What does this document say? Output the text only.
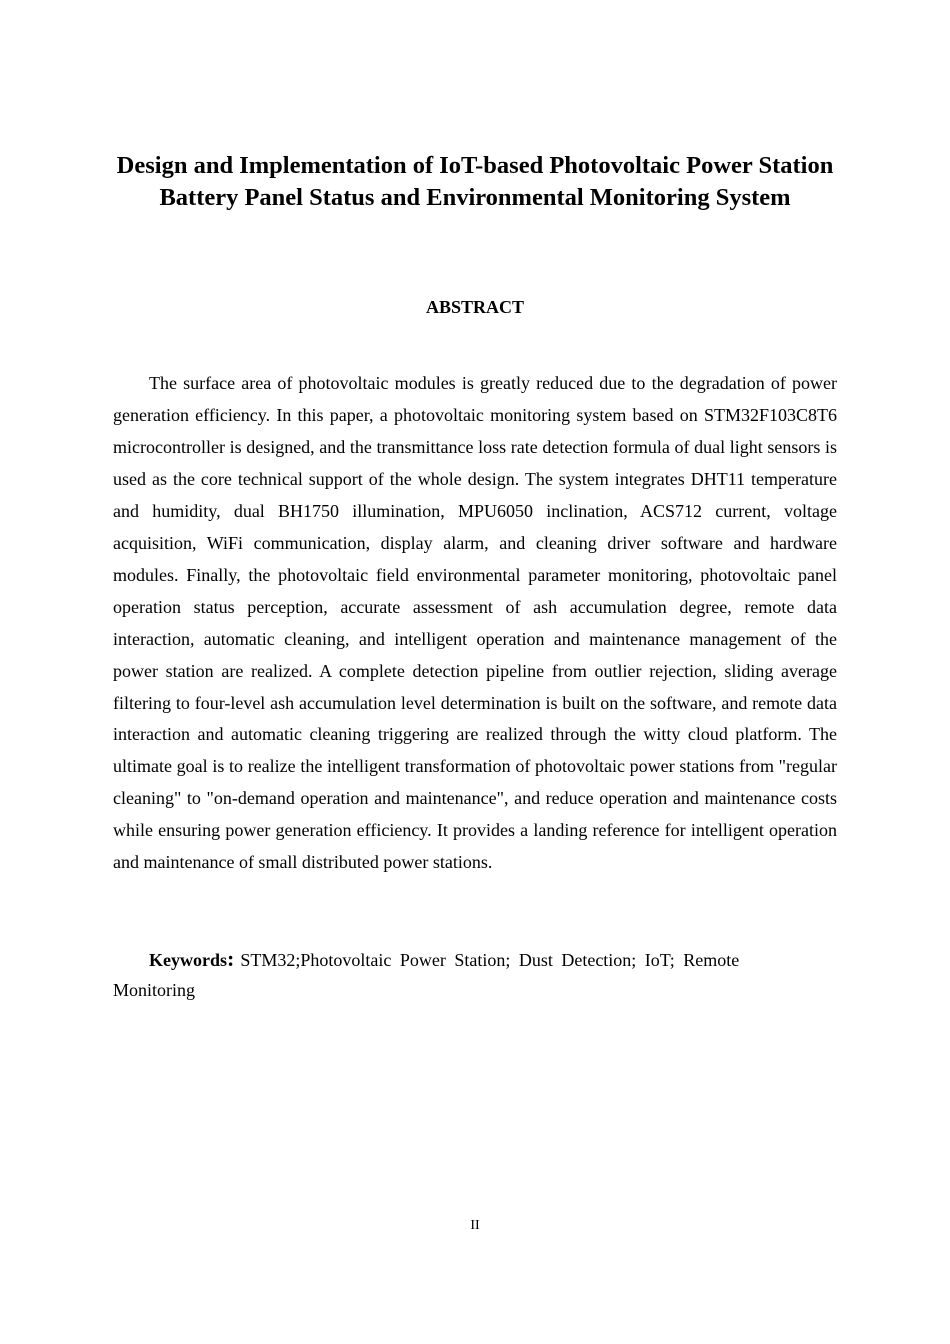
Design and Implementation of IoT-based Photovoltaic Power Station Battery Panel Status and Environmental Monitoring System
ABSTRACT

The surface area of photovoltaic modules is greatly reduced due to the degradation of power generation efficiency. In this paper, a photovoltaic monitoring system based on STM32F103C8T6 microcontroller is designed, and the transmittance loss rate detection formula of dual light sensors is used as the core technical support of the whole design. The system integrates DHT11 temperature and humidity, dual BH1750 illumination, MPU6050 inclination, ACS712 current, voltage acquisition, WiFi communication, display alarm, and cleaning driver software and hardware modules. Finally, the photovoltaic field environmental parameter monitoring, photovoltaic panel operation status perception, accurate assessment of ash accumulation degree, remote data interaction, automatic cleaning, and intelligent operation and maintenance management of the power station are realized. A complete detection pipeline from outlier rejection, sliding average filtering to four-level ash accumulation level determination is built on the software, and remote data interaction and automatic cleaning triggering are realized through the witty cloud platform. The ultimate goal is to realize the intelligent transformation of photovoltaic power stations from "regular cleaning" to "on-demand operation and maintenance", and reduce operation and maintenance costs while ensuring power generation efficiency. It provides a landing reference for intelligent operation and maintenance of small distributed power stations.

Keywords: STM32;Photovoltaic Power Station; Dust Detection; IoT; Remote Monitoring

II
